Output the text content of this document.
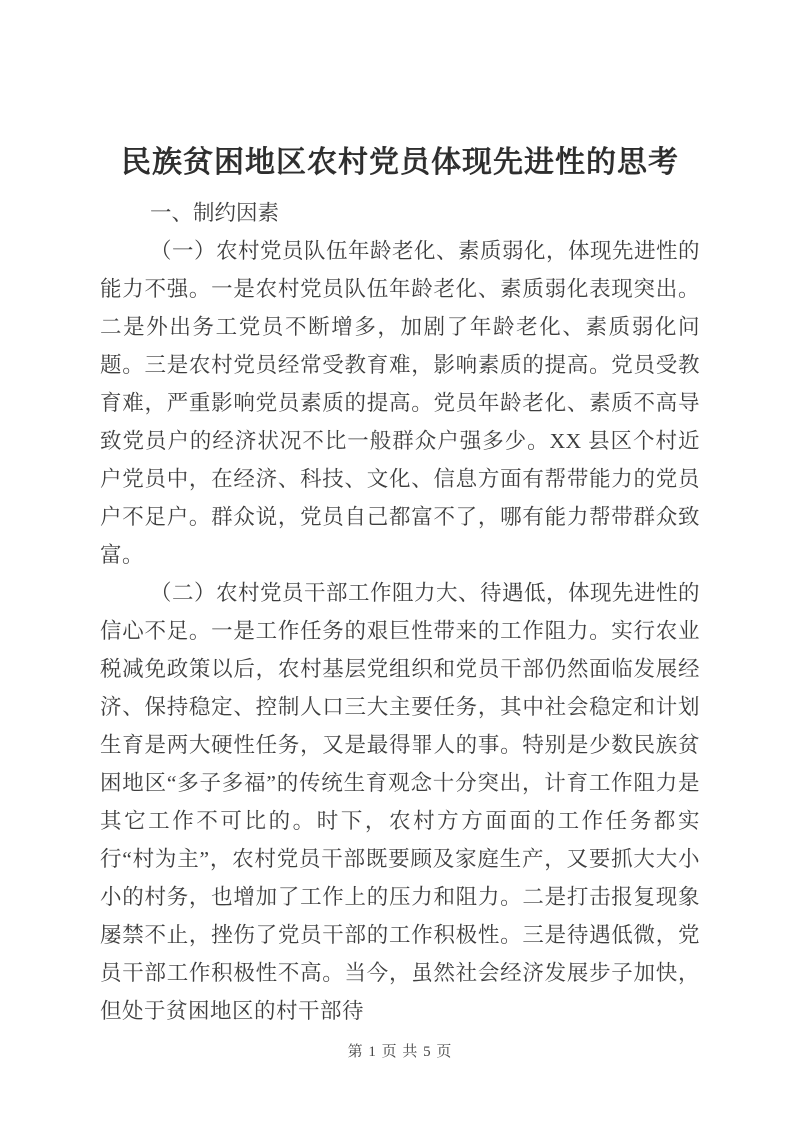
民族贫困地区农村党员体现先进性的思考

一、制约因素

（一）农村党员队伍年龄老化、素质弱化，体现先进性的能力不强。一是农村党员队伍年龄老化、素质弱化表现突出。二是外出务工党员不断增多，加剧了年龄老化、素质弱化问题。三是农村党员经常受教育难，影响素质的提高。党员受教育难，严重影响党员素质的提高。党员年龄老化、素质不高导致党员户的经济状况不比一般群众户强多少。XX 县区个村近户党员中，在经济、科技、文化、信息方面有帮带能力的党员户不足户。群众说，党员自己都富不了，哪有能力帮带群众致富。

（二）农村党员干部工作阻力大、待遇低，体现先进性的信心不足。一是工作任务的艰巨性带来的工作阻力。实行农业税减免政策以后，农村基层党组织和党员干部仍然面临发展经济、保持稳定、控制人口三大主要任务，其中社会稳定和计划生育是两大硬性任务，又是最得罪人的事。特别是少数民族贫困地区“多子多福”的传统生育观念十分突出，计育工作阻力是其它工作不可比的。时下，农村方方面面的工作任务都实行“村为主”，农村党员干部既要顾及家庭生产，又要抓大大小小的村务，也增加了工作上的压力和阻力。二是打击报复现象屡禁不止，挫伤了党员干部的工作积极性。三是待遇低微，党员干部工作积极性不高。当今，虽然社会经济发展步子加快，但处于贫困地区的村干部待

第 1 页 共 5 页
